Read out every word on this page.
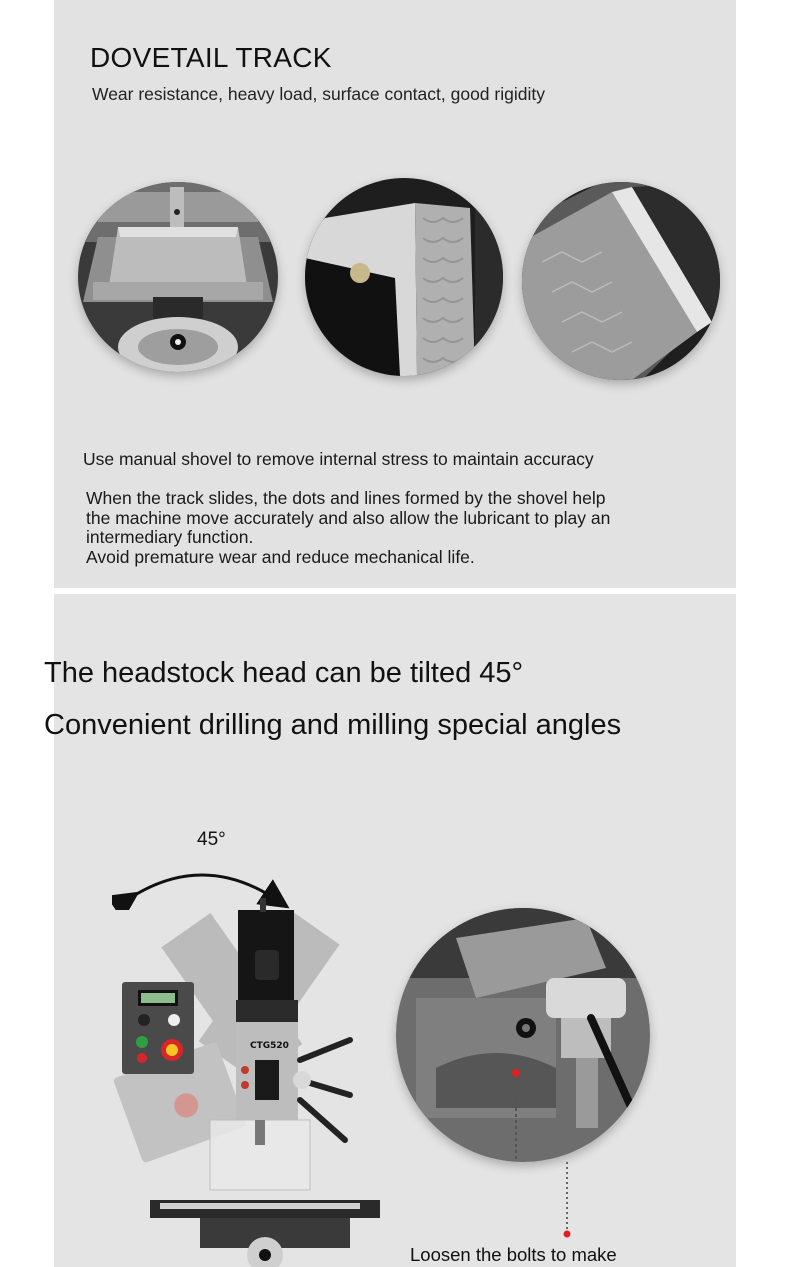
DOVETAIL TRACK

Wear resistance, heavy load, surface contact, good rigidity

Use manual shovel to remove internal stress to maintain accuracy

When the track slides, the dots and lines formed by the shovel help
the machine move accurately and also allow the lubricant to play an
intermediary function.
Avoid premature wear and reduce mechanical life.

The headstock head can be tilted 45°

Convenient drilling and milling special angles

45°

CTG520

Loosen the bolts to make
